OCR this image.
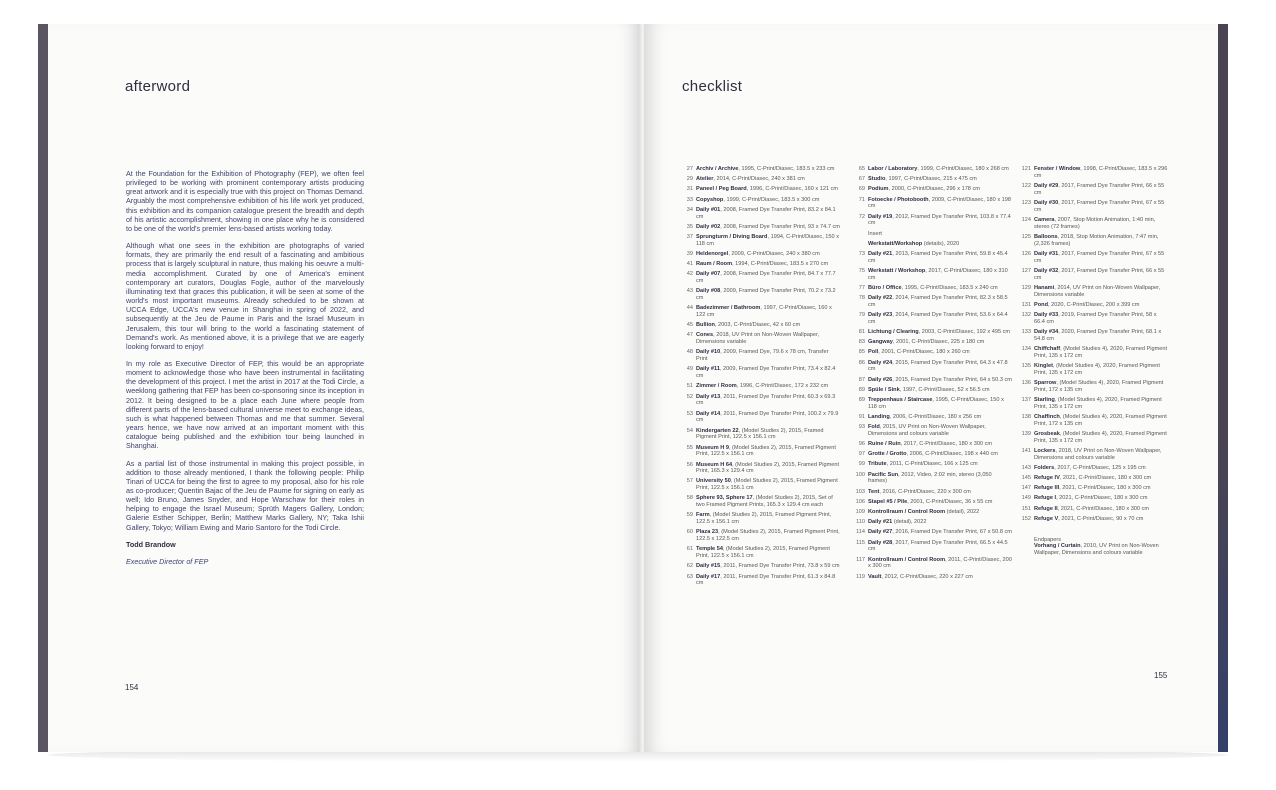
afterword

At the Foundation for the Exhibition of Photography (FEP), we often feel privileged to be working with prominent contemporary artists producing great artwork and it is especially true with this project on Thomas Demand. Arguably the most comprehensive exhibition of his life work yet produced, this exhibition and its companion catalogue present the breadth and depth of his artistic accomplishment, showing in one place why he is considered to be one of the world's premier lens-based artists working today.

Although what one sees in the exhibition are photographs of varied formats, they are primarily the end result of a fascinating and ambitious process that is largely sculptural in nature, thus making his oeuvre a multi-media accomplishment. Curated by one of America's eminent contemporary art curators, Douglas Fogle, author of the marvelously illuminating text that graces this publication, it will be seen at some of the world's most important museums. Already scheduled to be shown at UCCA Edge, UCCA's new venue in Shanghai in spring of 2022, and subsequently at the Jeu de Paume in Paris and the Israel Museum in Jerusalem, this tour will bring to the world a fascinating statement of Demand's work. As mentioned above, it is a privilege that we are eagerly looking forward to enjoy!

In my role as Executive Director of FEP, this would be an appropriate moment to acknowledge those who have been instrumental in facilitating the development of this project. I met the artist in 2017 at the Todi Circle, a weeklong gathering that FEP has been co-sponsoring since its inception in 2012. It being designed to be a place each June where people from different parts of the lens-based cultural universe meet to exchange ideas, such is what happened between Thomas and me that summer. Several years hence, we have now arrived at an important moment with this catalogue being published and the exhibition tour being launched in Shanghai.

As a partial list of those instrumental in making this project possible, in addition to those already mentioned, I thank the following people: Philip Tinari of UCCA for being the first to agree to my proposal, also for his role as co-producer; Quentin Bajac of the Jeu de Paume for signing on early as well; Ido Bruno, James Snyder, and Hope Warschaw for their roles in helping to engage the Israel Museum; Sprüth Magers Gallery, London; Galerie Esther Schipper, Berlin; Matthew Marks Gallery, NY; Taka Ishii Gallery, Tokyo; William Ewing and Mario Santoro for the Todi Circle.

Todd Brandow

Executive Director of FEP

154
checklist
27 Archiv / Archive, 1995, C-Print/Diasec, 183.5 x 233 cm
29 Atelier, 2014, C-Print/Diasec, 240 x 381 cm
31 Paneel / Peg Board, 1996, C-Print/Diasec, 160 x 121 cm
33 Copyshop, 1999, C-Print/Diasec, 183.5 x 300 cm
34 Daily #01, 2008, Framed Dye Transfer Print, 83.2 x 84.1 cm
35 Daily #02, 2008, Framed Dye Transfer Print, 93 x 74.7 cm
37 Sprungturm / Diving Board, 1994, C-Print/Diasec, 150 x 118 cm
39 Heldenorgel, 2009, C-Print/Diasec, 240 x 380 cm
41 Raum / Room, 1994, C-Print/Diasec, 183.5 x 270 cm
42 Daily #07, 2008, Framed Dye Transfer Print, 84.7 x 77.7 cm
43 Daily #08, 2009, Framed Dye Transfer Print, 70.2 x 73.2 cm
44 Badezimmer / Bathroom, 1997, C-Print/Diasec, 160 x 122 cm
45 Bullion, 2003, C-Print/Diasec, 42 x 60 cm
47 Cones, 2018, UV Print on Non-Woven Wallpaper, Dimensions variable
48 Daily #10, 2009, Framed Dye, 79.6 x 78 cm, Transfer Print
49 Daily #11, 2009, Framed Dye Transfer Print, 73.4 x 82.4 cm
51 Zimmer / Room, 1996, C-Print/Diasec, 172 x 232 cm
52 Daily #13, 2011, Framed Dye Transfer Print, 60.3 x 69.3 cm
53 Daily #14, 2011, Framed Dye Transfer Print, 100.2 x 79.9 cm
54 Kindergarten 22, (Model Studies 2), 2015, Framed Pigment Print, 122.5 x 156.1 cm
55 Museum H 9, (Model Studies 2), 2015, Framed Pigment Print, 122.5 x 156.1 cm
56 Museum H 64, (Model Studies 2), 2015, Framed Pigment Print, 165.3 x 129.4 cm
57 University 50, (Model Studies 2), 2015, Framed Pigment Print, 122.5 x 156.1 cm
58 Sphere 93, Sphere 17, (Model Studies 2), 2015, Set of two Framed Pigment Prints, 165.3 x 129.4 cm each
59 Farm, (Model Studies 2), 2015, Framed Pigment Print, 122.5 x 156.1 cm
60 Plaza 23, (Model Studies 2), 2015, Framed Pigment Print, 122.5 x 122.5 cm
61 Temple 54, (Model Studies 2), 2015, Framed Pigment Print, 122.5 x 156.1 cm
62 Daily #15, 2011, Framed Dye Transfer Print, 73.8 x 59 cm
63 Daily #17, 2011, Framed Dye Transfer Print, 61.3 x 84.8 cm
65 Labor / Laboratory, 1999, C-Print/Diasec, 180 x 268 cm
67 Studio, 1997, C-Print/Diasec, 215 x 475 cm
69 Podium, 2000, C-Print/Diasec, 296 x 178 cm
71 Fotoecke / Photobooth, 2009, C-Print/Diasec, 180 x 198 cm
72 Daily #19, 2012, Framed Dye Transfer Print, 103.8 x 77.4 cm
Insert
Werkstatt/Workshop (details), 2020
73 Daily #21, 2013, Framed Dye Transfer Print, 59.8 x 45.4 cm
75 Werkstatt / Workshop, 2017, C-Print/Diasec, 180 x 310 cm
77 Büro / Office, 1995, C-Print/Diasec, 183.5 x 240 cm
78 Daily #22, 2014, Framed Dye Transfer Print, 82.3 x 58.5 cm
79 Daily #23, 2014, Framed Dye Transfer Print, 53.6 x 64.4 cm
81 Lichtung / Clearing, 2003, C-Print/Diasec, 192 x 495 cm
83 Gangway, 2001, C-Print/Diasec, 225 x 180 cm
85 Poll, 2001, C-Print/Diasec, 180 x 260 cm
86 Daily #24, 2015, Framed Dye Transfer Print, 64.3 x 47.8 cm
87 Daily #26, 2015, Framed Dye Transfer Print, 64 x 50.3 cm
89 Spüle / Sink, 1997, C-Print/Diasec, 52 x 56.5 cm
89 Treppenhaus / Staircase, 1995, C-Print/Diasec, 150 x 118 cm
91 Landing, 2006, C-Print/Diasec, 180 x 256 cm
93 Fold, 2015, UV Print on Non-Woven Wallpaper, Dimensions and colours variable
96 Ruine / Ruin, 2017, C-Print/Diasec, 180 x 300 cm
97 Grotte / Grotto, 2006, C-Print/Diasec, 198 x 440 cm
99 Tribute, 2011, C-Print/Diasec, 166 x 125 cm
100 Pacific Sun, 2012, Video, 2:02 min, stereo (3,050 frames)
103 Tent, 2016, C-Print/Diasec, 220 x 300 cm
106 Stapel #5 / Pile, 2001, C-Print/Diasec, 36 x 55 cm
109 Kontrollraum / Control Room (detail), 2022
110 Daily #21 (detail), 2022
114 Daily #27, 2016, Framed Dye Transfer Print, 67 x 50.8 cm
115 Daily #28, 2017, Framed Dye Transfer Print, 66.5 x 44.5 cm
117 Kontrollraum / Control Room, 2011, C-Print/Diasec, 200 x 300 cm
119 Vault, 2012, C-Print/Diasec, 220 x 227 cm
121 Fenster / Window, 1998, C-Print/Diasec, 183.5 x 296 cm
122 Daily #29, 2017, Framed Dye Transfer Print, 66 x 55 cm
123 Daily #30, 2017, Framed Dye Transfer Print, 67 x 55 cm
124 Camera, 2007, Stop Motion Animation, 1:40 min, stereo (72 frames)
125 Balloons, 2018, Stop Motion Animation, 7:47 min, (2,326 frames)
126 Daily #31, 2017, Framed Dye Transfer Print, 67 x 55 cm
127 Daily #32, 2017, Framed Dye Transfer Print, 66 x 55 cm
129 Hanami, 2014, UV Print on Non-Woven Wallpaper, Dimensions variable
131 Pond, 2020, C-Print/Diasec, 200 x 399 cm
132 Daily #33, 2019, Framed Dye Transfer Print, 58 x 66.4 cm
133 Daily #34, 2020, Framed Dye Transfer Print, 68.1 x 54.8 cm
134 Chiffchaff, (Model Studies 4), 2020, Framed Pigment Print, 135 x 172 cm
135 Kinglet, (Model Studies 4), 2020, Framed Pigment Print, 135 x 172 cm
136 Sparrow, (Model Studies 4), 2020, Framed Pigment Print, 172 x 135 cm
137 Starling, (Model Studies 4), 2020, Framed Pigment Print, 135 x 172 cm
138 Chaffinch, (Model Studies 4), 2020, Framed Pigment Print, 172 x 135 cm
139 Grosbeak, (Model Studies 4), 2020, Framed Pigment Print, 135 x 172 cm
141 Lockers, 2018, UV Print on Non-Woven Wallpaper, Dimensions and colours variable
143 Folders, 2017, C-Print/Diasec, 125 x 195 cm
145 Refuge IV, 2021, C-Print/Diasec, 180 x 300 cm
147 Refuge III, 2021, C-Print/Diasec, 180 x 300 cm
149 Refuge I, 2021, C-Print/Diasec, 180 x 300 cm
151 Refuge II, 2021, C-Print/Diasec, 180 x 300 cm
152 Refuge V, 2021, C-Print/Diasec, 90 x 70 cm
Endpapers
Vorhang / Curtain, 2010, UV Print on Non-Woven Wallpaper, Dimensions and colours variable
155
